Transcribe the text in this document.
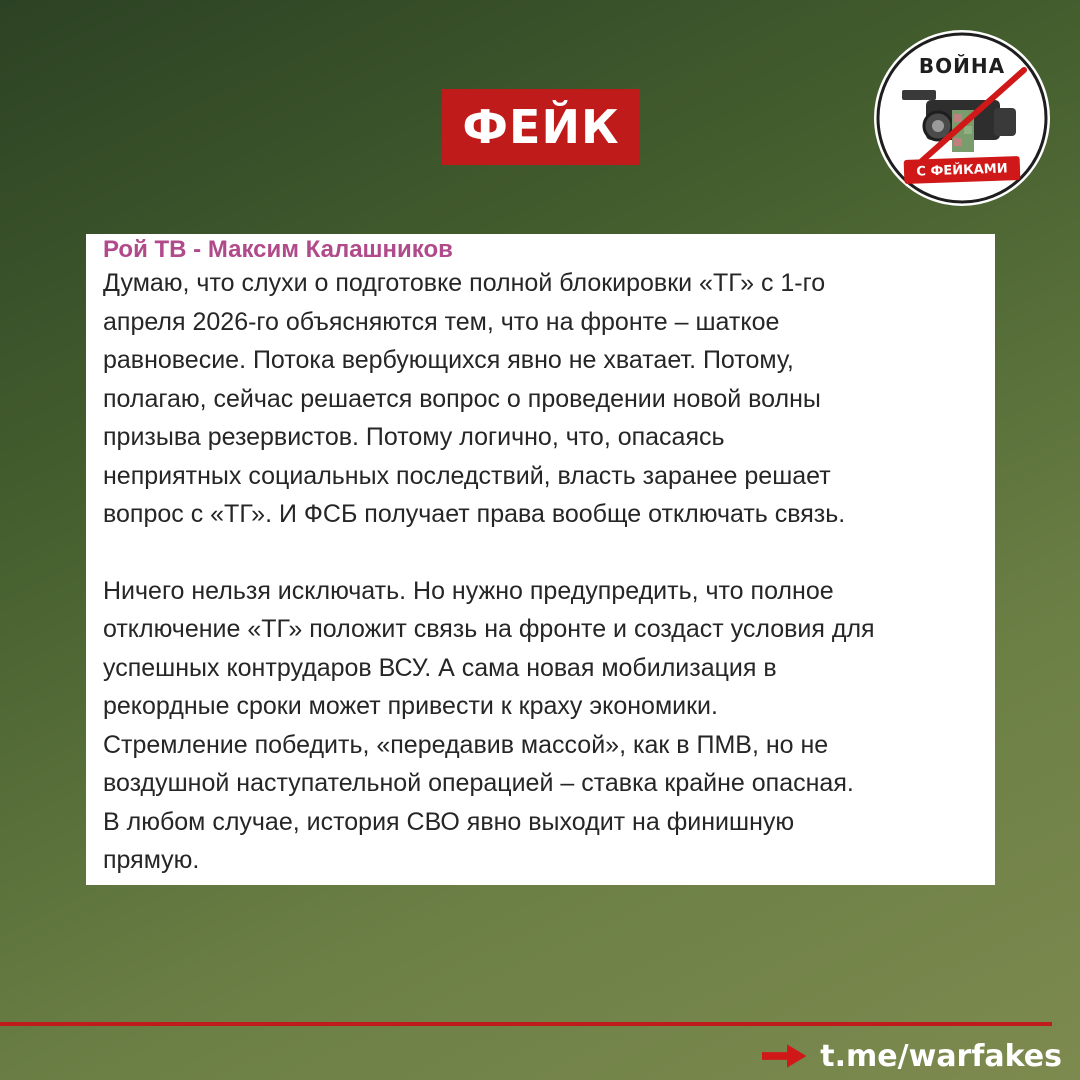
ФЕЙК
ВОЙНА
С ФЕЙКАМИ
Рой ТВ - Максим Калашников

Думаю, что слухи о подготовке полной блокировки «ТГ» с 1-го
апреля 2026-го объясняются тем, что на фронте – шаткое
равновесие. Потока вербующихся явно не хватает. Потому,
полагаю, сейчас решается вопрос о проведении новой волны
призыва резервистов. Потому логично, что, опасаясь
неприятных социальных последствий, власть заранее решает
вопрос с «ТГ». И ФСБ получает права вообще отключать связь.

Ничего нельзя исключать. Но нужно предупредить, что полное
отключение «ТГ» положит связь на фронте и создаст условия для
успешных контрударов ВСУ. А сама новая мобилизация в
рекордные сроки может привести к краху экономики.
Стремление победить, «передавив массой», как в ПМВ, но не
воздушной наступательной операцией – ставка крайне опасная.
В любом случае, история СВО явно выходит на финишную
прямую.

t.me/warfakes
